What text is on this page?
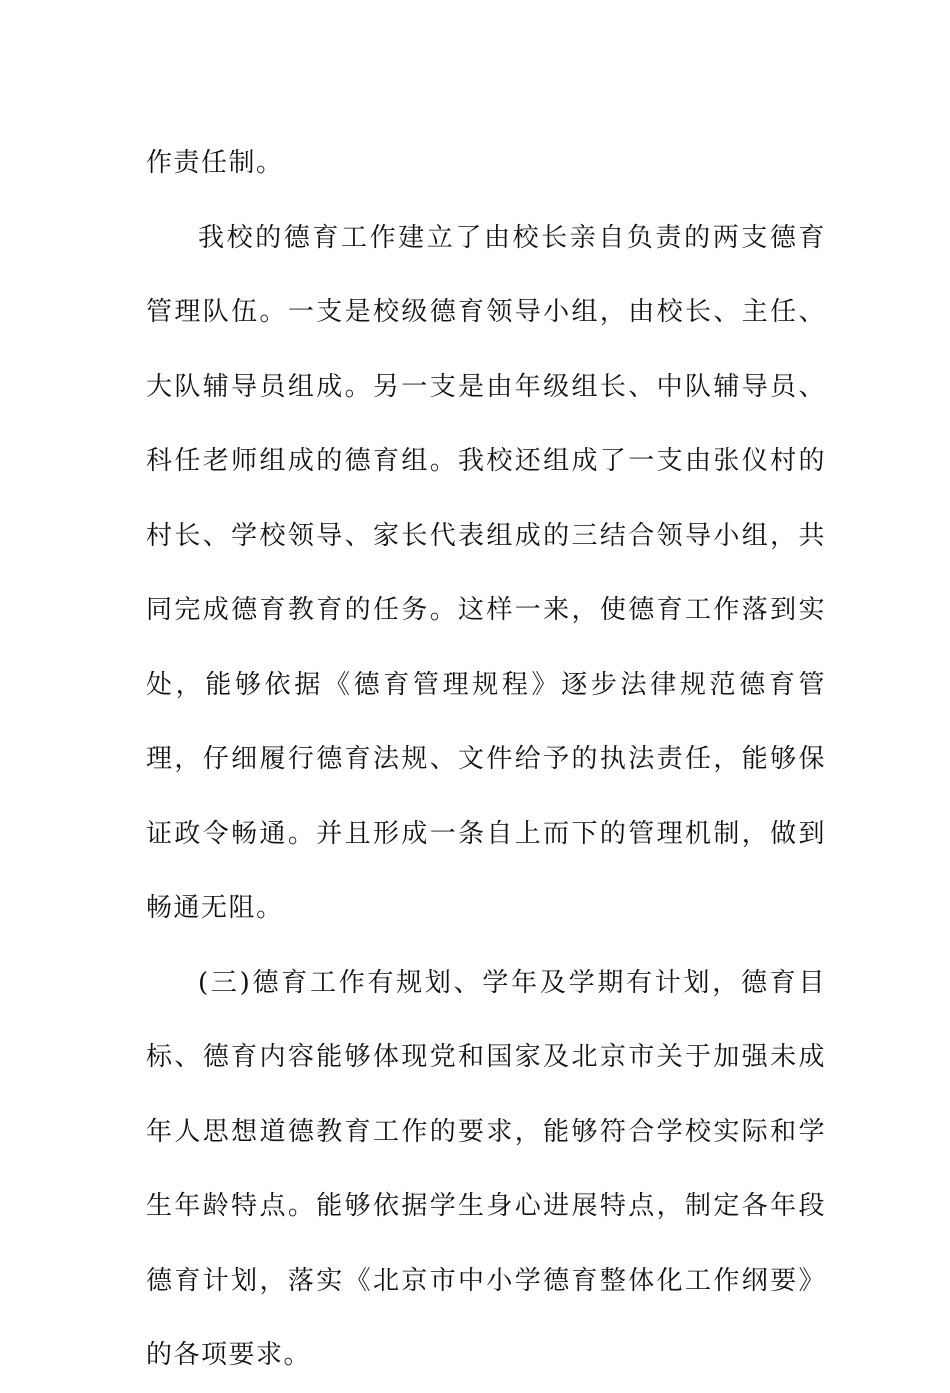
作责任制。

我校的德育工作建立了由校长亲自负责的两支德育管理队伍。一支是校级德育领导小组，由校长、主任、大队辅导员组成。另一支是由年级组长、中队辅导员、科任老师组成的德育组。我校还组成了一支由张仪村的村长、学校领导、家长代表组成的三结合领导小组，共同完成德育教育的任务。这样一来，使德育工作落到实处，能够依据《德育管理规程》逐步法律规范德育管理，仔细履行德育法规、文件给予的执法责任，能够保证政令畅通。并且形成一条自上而下的管理机制，做到畅通无阻。

(三)德育工作有规划、学年及学期有计划，德育目标、德育内容能够体现党和国家及北京市关于加强未成年人思想道德教育工作的要求，能够符合学校实际和学生年龄特点。能够依据学生身心进展特点，制定各年段德育计划，落实《北京市中小学德育整体化工作纲要》的各项要求。
